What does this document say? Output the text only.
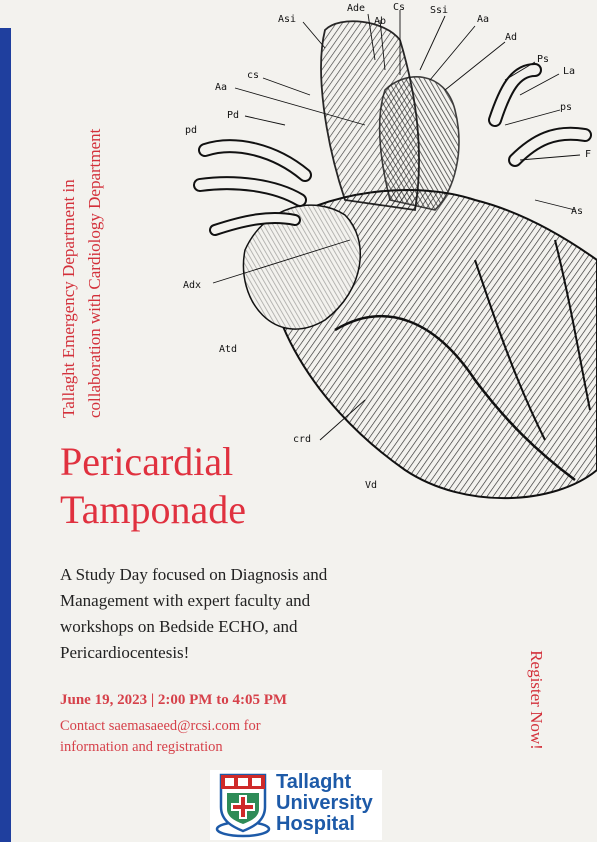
Tallaght Emergency Department in collaboration with Cardiology Department
Asi
Ade
Ab
Cs Ssi
Aa
Ad
Ps
La
ps
F
As
Aa
cs
Pd
pd
Adx
Atd
crd
Vd
Pericardial
Tamponade
A Study Day focused on Diagnosis and Management with expert faculty and workshops on Bedside ECHO, and Pericardiocentesis!
June 19, 2023 | 2:00 PM to 4:05 PM
Contact saemasaeed@rcsi.com for information and registration	Register Now!
Tallaght
University
Hospital
